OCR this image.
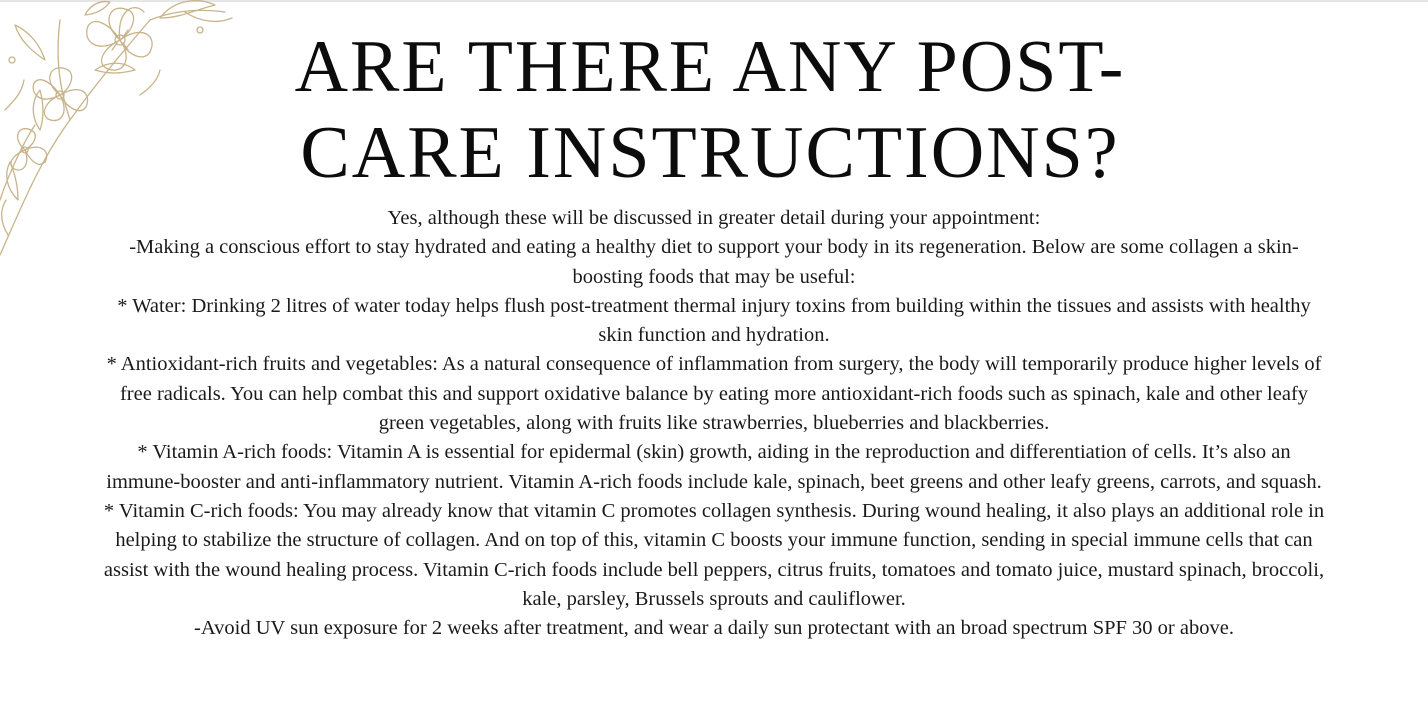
ARE THERE ANY POST-
CARE INSTRUCTIONS?

Yes, although these will be discussed in greater detail during your appointment:

-Making a conscious effort to stay hydrated and eating a healthy diet to support your body in its regeneration. Below are some collagen a skin-boosting foods that may be useful:

* Water: Drinking 2 litres of water today helps flush post-treatment thermal injury toxins from building within the tissues and assists with healthy skin function and hydration.

* Antioxidant-rich fruits and vegetables: As a natural consequence of inflammation from surgery, the body will temporarily produce higher levels of free radicals. You can help combat this and support oxidative balance by eating more antioxidant-rich foods such as spinach, kale and other leafy green vegetables, along with fruits like strawberries, blueberries and blackberries.

* Vitamin A-rich foods: Vitamin A is essential for epidermal (skin) growth, aiding in the reproduction and differentiation of cells. It’s also an immune-booster and anti-inflammatory nutrient. Vitamin A-rich foods include kale, spinach, beet greens and other leafy greens, carrots, and squash.

* Vitamin C-rich foods: You may already know that vitamin C promotes collagen synthesis. During wound healing, it also plays an additional role in helping to stabilize the structure of collagen. And on top of this, vitamin C boosts your immune function, sending in special immune cells that can assist with the wound healing process. Vitamin C-rich foods include bell peppers, citrus fruits, tomatoes and tomato juice, mustard spinach, broccoli, kale, parsley, Brussels sprouts and cauliflower.

-Avoid UV sun exposure for 2 weeks after treatment, and wear a daily sun protectant with an broad spectrum SPF 30 or above.
